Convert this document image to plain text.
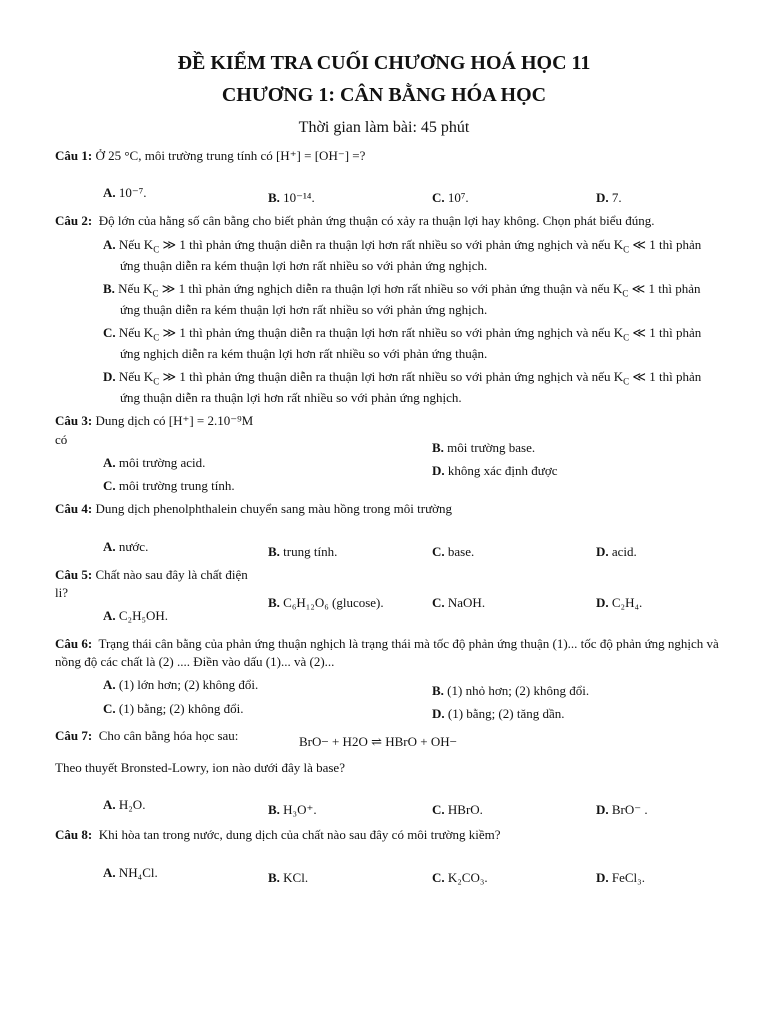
ĐỀ KIỂM TRA CUỐI CHƯƠNG HOÁ HỌC 11
CHƯƠNG 1: CÂN BẰNG HÓA HỌC
Thời gian làm bài: 45 phút
Câu 1: Ở 25 °C, môi trường trung tính có [H⁺] = [OH⁻] =?
A. 10⁻⁷.	B. 10⁻¹⁴.	C. 10⁷.	D. 7.
Câu 2: Độ lớn của hằng số cân bằng cho biết phản ứng thuận có xảy ra thuận lợi hay không. Chọn phát biểu đúng.
A. Nếu $K_C$ ≫ 1 thì phản ứng thuận diễn ra thuận lợi hơn rất nhiều so với phản ứng nghịch và nếu $K_C$ ≪ 1 thì phản
ứng thuận diễn ra kém thuận lợi hơn rất nhiều so với phản ứng nghịch.
B. Nếu $K_C$ ≫ 1 thì phản ứng nghịch diễn ra thuận lợi hơn rất nhiều so với phản ứng thuận và nếu $K_C$ ≪ 1 thì phản
ứng thuận diễn ra kém thuận lợi hơn rất nhiều so với phản ứng nghịch.
C. Nếu $K_C$ ≫ 1 thì phản ứng thuận diễn ra thuận lợi hơn rất nhiều so với phản ứng nghịch và nếu $K_C$ ≪ 1 thì phản
ứng nghịch diễn ra kém thuận lợi hơn rất nhiều so với phản ứng thuận.
D. Nếu $K_C$ ≫ 1 thì phản ứng thuận diễn ra thuận lợi hơn rất nhiều so với phản ứng nghịch và nếu $K_C$ ≪ 1 thì phản
ứng thuận diễn ra thuận lợi hơn rất nhiều so với phản ứng nghịch.
Câu 3: Dung dịch có [H⁺] = 2.10⁻⁹M
có
A. môi trường acid.
B. môi trường base.
C. môi trường trung tính.
D. không xác định được
Câu 4: Dung dịch phenolphthalein chuyển sang màu hồng trong môi trường
A. nước.	B. trung tính.	C. base.	D. acid.
Câu 5: Chất nào sau đây là chất điện
li?
A. C₂H₅OH.
B. C₆H₁₂O₆ (glucose).	C. NaOH.	D. C₂H₄.
Câu 6: Trạng thái cân bằng của phản ứng thuận nghịch là trạng thái mà tốc độ phản ứng thuận (1)... tốc độ phản ứng nghịch và
nồng độ các chất là (2) .... Điền vào dấu (1)... và (2)...
A. (1) lớn hơn; (2) không đổi.	B. (1) nhỏ hơn; (2) không đổi.
C. (1) bằng; (2) không đổi.	D. (1) bằng; (2) tăng dần.
Câu 7: Cho cân bằng hóa học sau:	BrO− + H2O ⇌ HBrO + OH−
Theo thuyết Bronsted-Lowry, ion nào dưới đây là base?
A. H₂O.	B. H₃O⁺.	C. HBrO.	D. BrO⁻ .
Câu 8: Khi hòa tan trong nước, dung dịch của chất nào sau đây có môi trường kiềm?
A. NH₄Cl.	B. KCl.	C. K₂CO₃.	D. FeCl₃.
